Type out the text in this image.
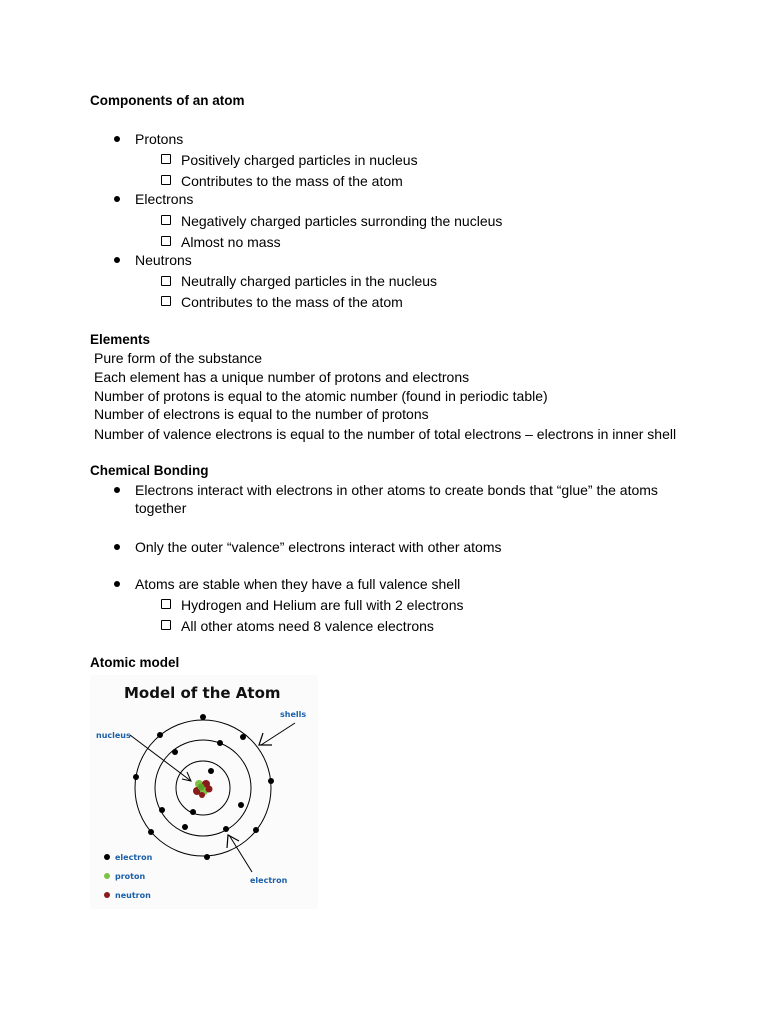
Components of an atom
Protons
Positively charged particles in nucleus
Contributes to the mass of the atom
Electrons
Negatively charged particles surronding the nucleus
Almost no mass
Neutrons
Neutrally charged particles in the nucleus
Contributes to the mass of the atom
Elements
Pure form of the substance
Each element has a unique number of protons and electrons
Number of protons is equal to the atomic number (found in periodic table)
Number of electrons is equal to the number of protons
Number of valence electrons is equal to the number of total electrons – electrons in inner shell
Chemical Bonding
Electrons interact with electrons in other atoms to create bonds that “glue” the atoms
together
Only the outer “valence” electrons interact with other atoms
Atoms are stable when they have a full valence shell
Hydrogen and Helium are full with 2 electrons
All other atoms need 8 valence electrons
Atomic model
Model of the Atom
nucleus
shells
electron
electron
proton
neutron
